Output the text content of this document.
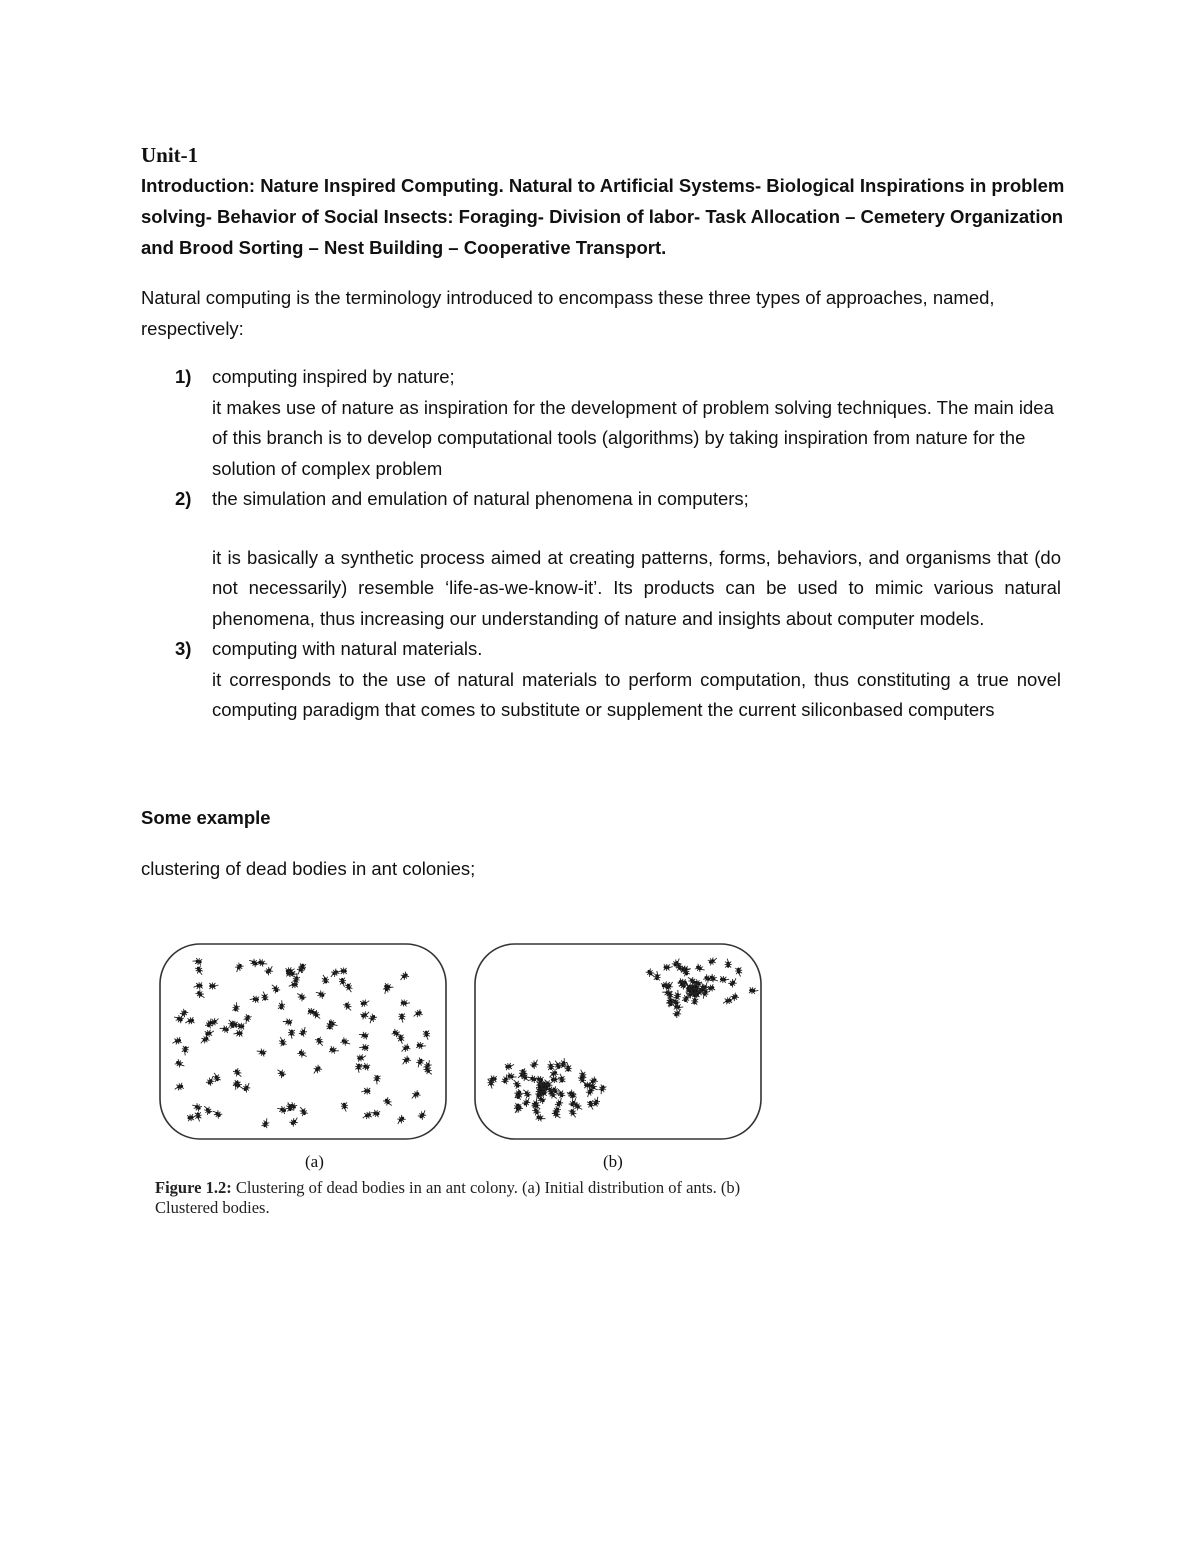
Unit-1
Introduction: Nature Inspired Computing. Natural to Artificial Systems- Biological Inspirations in problem solving- Behavior of Social Insects: Foraging- Division of labor- Task Allocation – Cemetery Organization and Brood Sorting – Nest Building – Cooperative Transport.
Natural computing is the terminology introduced to encompass these three types of approaches, named, respectively:
1) computing inspired by nature;
it makes use of nature as inspiration for the development of problem solving techniques. The main idea of this branch is to develop computational tools (algorithms) by taking inspiration from nature for the solution of complex problem
2) the simulation and emulation of natural phenomena in computers;
it is basically a synthetic process aimed at creating patterns, forms, behaviors, and organisms that (do not necessarily) resemble ‘life-as-we-know-it’. Its products can be used to mimic various natural phenomena, thus increasing our understanding of nature and insights about computer models.
3) computing with natural materials.
it corresponds to the use of natural materials to perform computation, thus constituting a true novel computing paradigm that comes to substitute or supplement the current siliconbased computers
Some example
clustering of dead bodies in ant colonies;
(a)	(b)
Figure 1.2: Clustering of dead bodies in an ant colony. (a) Initial distribution of ants. (b) Clustered bodies.
